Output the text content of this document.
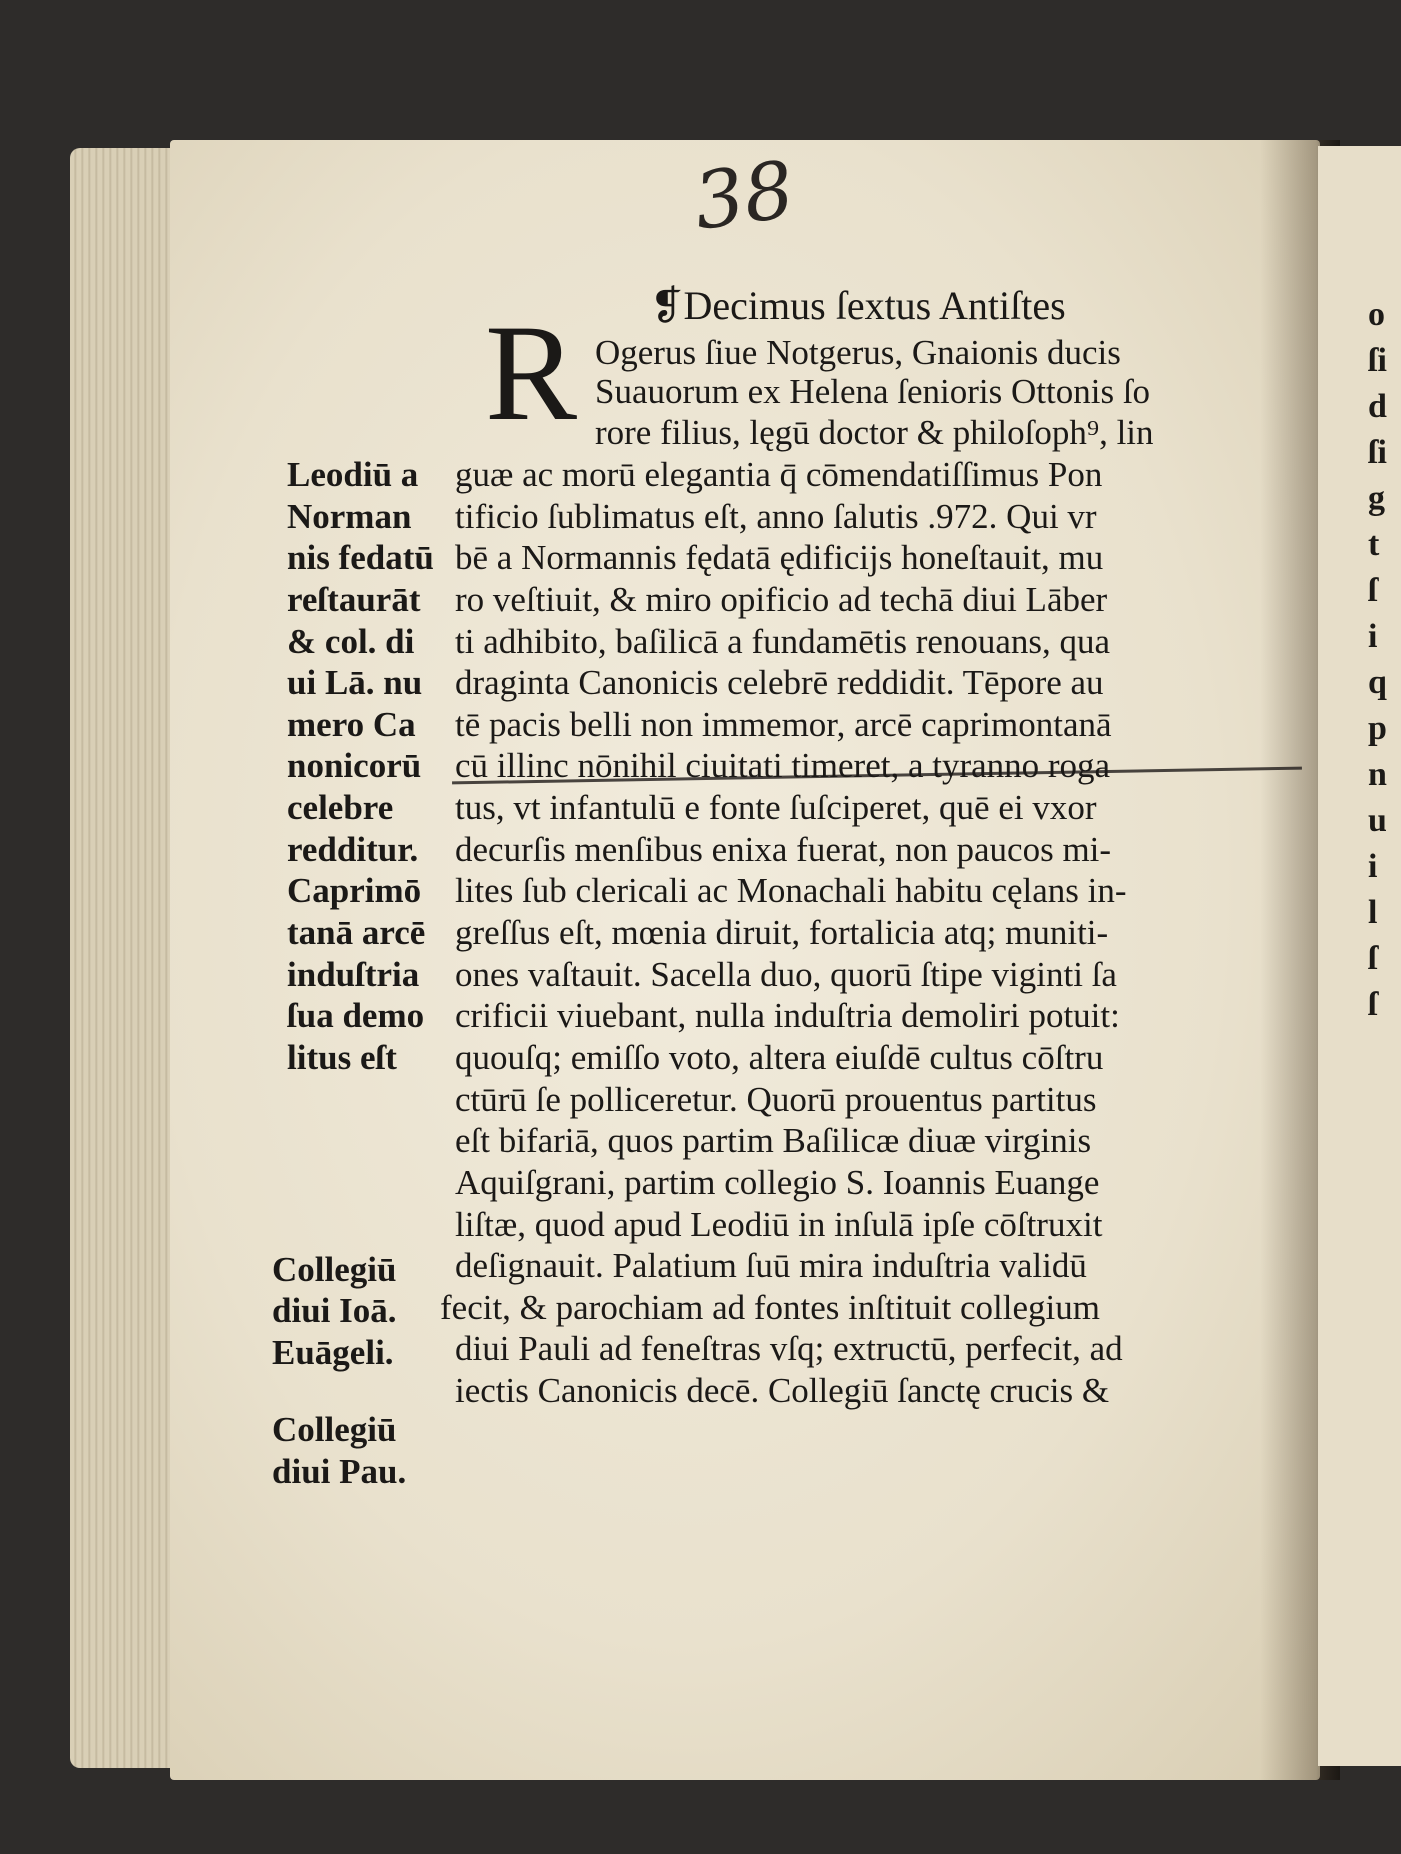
o
ſi
d
ſi
g
t
ſ
i
q
p
n
u
i
l
ſ
ſ
38
❡Decimus ſextus Antiſtes
R Ogerus ſiue Notgerus, Gnaionis ducis
Suauorum ex Helena ſenioris Ottonis ſo
rore filius, lęgū doctor & philoſoph⁹, lin
guæ ac morū elegantia q̄ cōmendatiſſimus Pon
tificio ſublimatus eſt, anno ſalutis .972. Qui vr
bē a Normannis fędatā ędificijs honeſtauit, mu
ro veſtiuit, & miro opificio ad techā diui Lāber
ti adhibito, baſilicā a fundamētis renouans, qua
draginta Canonicis celebrē reddidit. Tēpore au
tē pacis belli non immemor, arcē caprimontanā
cū illinc nōnihil ciuitati timeret, a tyranno roga
tus, vt infantulū e fonte ſuſciperet, quē ei vxor
decurſis menſibus enixa fuerat, non paucos mi-
lites ſub clericali ac Monachali habitu cęlans in-
greſſus eſt, mœnia diruit, fortalicia atq; muniti-
ones vaſtauit. Sacella duo, quorū ſtipe viginti ſa
crificii viuebant, nulla induſtria demoliri potuit:
quouſq; emiſſo voto, altera eiuſdē cultus cōſtru
ctūrū ſe polliceretur. Quorū prouentus partitus
eſt bifariā, quos partim Baſilicæ diuæ virginis
Aquiſgrani, partim collegio S. Ioannis Euange
liſtæ, quod apud Leodiū in inſulā ipſe cōſtruxit
deſignauit. Palatium ſuū mira induſtria validū
fecit, & parochiam ad fontes inſtituit collegium
diui Pauli ad feneſtras vſq; extructū, perfecit, ad
iectis Canonicis decē. Collegiū ſanctę crucis &
Leodiū a
Norman
nis fedatū
reſtaurāt
& col. di
ui Lā. nu
mero Ca
nonicorū
celebre
redditur.
Caprimō
tanā arcē
induſtria
ſua demo
litus eſt
Collegiū
diui Ioā.
Euāgeli.
Collegiū
diui Pau.
